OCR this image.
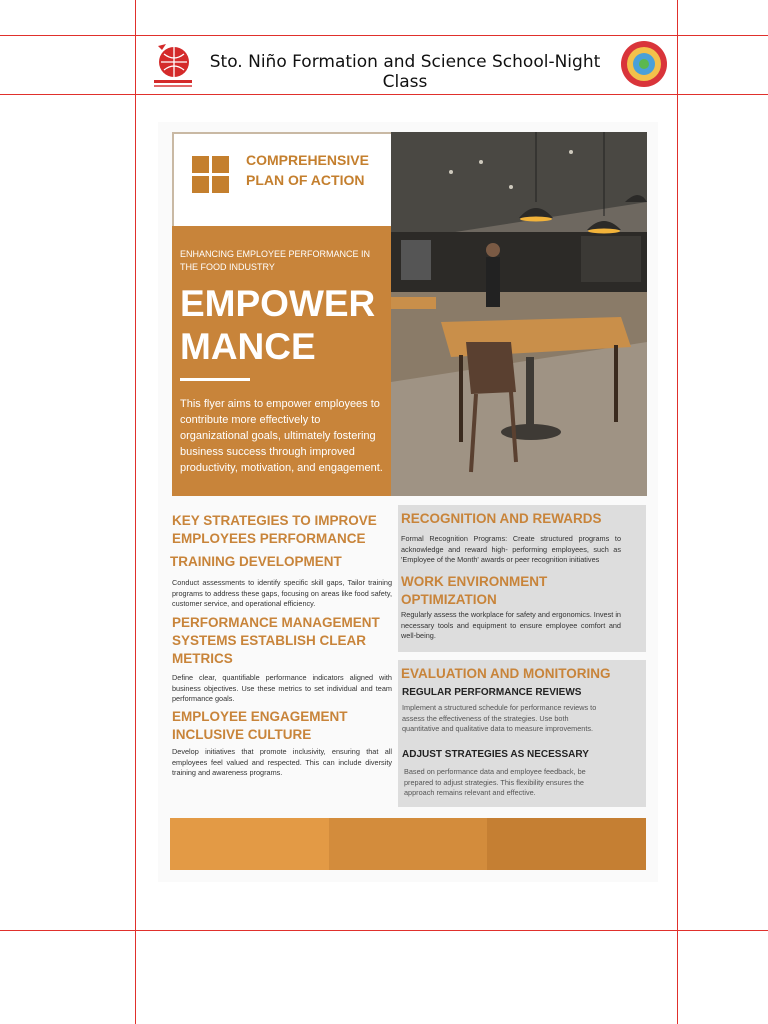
Sto. Niño Formation and Science School-Night Class
COMPREHENSIVE PLAN OF ACTION
ENHANCING EMPLOYEE PERFORMANCE IN THE FOOD INDUSTRY
EMPOWER
MANCE
This flyer aims to empower employees to contribute more effectively to organizational goals, ultimately fostering business success through improved productivity, motivation, and engagement.
KEY STRATEGIES TO IMPROVE EMPLOYEES PERFORMANCE
TRAINING DEVELOPMENT
Conduct assessments to identify specific skill gaps, Tailor training programs to address these gaps, focusing on areas like food safety, customer service, and operational efficiency.
PERFORMANCE MANAGEMENT SYSTEMS ESTABLISH CLEAR METRICS
Define clear, quantifiable performance indicators aligned with business objectives. Use these metrics to set individual and team performance goals.
EMPLOYEE ENGAGEMENT INCLUSIVE CULTURE
Develop initiatives that promote inclusivity, ensuring that all employees feel valued and respected. This can include diversity training and awareness programs.
RECOGNITION AND REWARDS
Formal Recognition Programs: Create structured programs to acknowledge and reward high- performing employees, such as 'Employee of the Month' awards or peer recognition initiatives
WORK ENVIRONMENT OPTIMIZATION
Regularly assess the workplace for safety and ergonomics. Invest in necessary tools and equipment to ensure employee comfort and well-being.
EVALUATION AND MONITORING
REGULAR PERFORMANCE REVIEWS
Implement a structured schedule for performance reviews to assess the effectiveness of the strategies. Use both quantitative and qualitative data to measure improvements.
ADJUST STRATEGIES AS NECESSARY
Based on performance data and employee feedback, be prepared to adjust strategies. This flexibility ensures the approach remains relevant and effective.
